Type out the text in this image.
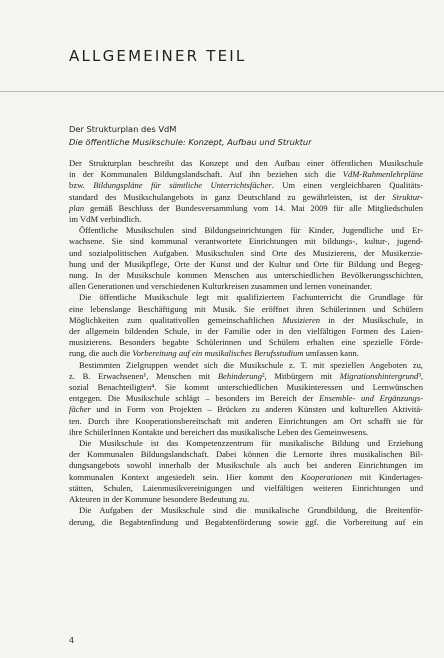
ALLGEMEINER TEIL
Der Strukturplan des VdM
Die öffentliche Musikschule: Konzept, Aufbau und Struktur
Der Strukturplan beschreibt das Konzept und den Aufbau einer öffentlichen Musikschule
in der Kommunalen Bildungslandschaft. Auf ihn beziehen sich die VdM-Rahmenlehrpläne
bzw. Bildungspläne für sämtliche Unterrichtsfächer. Um einen vergleichbaren Qualitäts-
standard des Musikschulangebots in ganz Deutschland zu gewährleisten, ist der Struktur-
plan gemäß Beschluss der Bundesversammlung vom 14. Mai 2009 für alle Mitgliedschulen
im VdM verbindlich.
Öffentliche Musikschulen sind Bildungseinrichtungen für Kinder, Jugendliche und Er-
wachsene. Sie sind kommunal verantwortete Einrichtungen mit bildungs-, kultur-, jugend-
und sozialpolitischen Aufgaben. Musikschulen sind Orte des Musizierens, der Musikerzie-
hung und der Musikpflege, Orte der Kunst und der Kultur und Orte für Bildung und Begeg-
nung. In der Musikschule kommen Menschen aus unterschiedlichen Bevölkerungsschichten,
allen Generationen und verschiedenen Kulturkreisen zusammen und lernen voneinander.
Die öffentliche Musikschule legt mit qualifiziertem Fachunterricht die Grundlage für
eine lebenslange Beschäftigung mit Musik. Sie eröffnet ihren Schülerinnen und Schülern
Möglichkeiten zum qualitativollen gemeinschaftlichen Musizieren in der Musikschule, in
der allgemein bildenden Schule, in der Familie oder in den vielfältigen Formen des Laien-
musizierens. Besonders begabte Schülerinnen und Schülern erhalten eine spezielle Förde-
rung, die auch die Vorbereitung auf ein musikalisches Berufsstudium umfassen kann.
Bestimmten Zielgruppen wendet sich die Musikschule z. T. mit speziellen Angeboten zu,
z. B. Erwachsenen¹, Menschen mit Behinderung², Mitbürgern mit Migrationshintergrund³,
sozial Benachteiligten⁴. Sie kommt unterschiedlichen Musikinteressen und Lernwünschen
entgegen. Die Musikschule schlägt – besonders im Bereich der Ensemble- und Ergänzungs-
fächer und in Form von Projekten – Brücken zu anderen Künsten und kulturellen Aktivitä-
ten. Durch ihre Kooperationsbereitschaft mit anderen Einrichtungen am Ort schafft sie für
ihre SchülerInnen Kontakte und bereichert das musikalische Leben des Gemeinwesens.
Die Musikschule ist das Kompetenzzentrum für musikalische Bildung und Erziehung
der Kommunalen Bildungslandschaft. Dabei können die Lernorte ihres musikalischen Bil-
dungsangebots sowohl innerhalb der Musikschule als auch bei anderen Einrichtungen im
kommunalen Kontext angesiedelt sein. Hier kommt den Kooperationen mit Kindertages-
stätten, Schulen, Laienmusikvereinigungen und vielfältigen weiteren Einrichtungen und
Akteuren in der Kommune besondere Bedeutung zu.
Die Aufgaben der Musikschule sind die musikalische Grundbildung, die Breitenför-
derung, die Begabtenfindung und Begabtenförderung sowie ggf. die Vorbereitung auf ein
4
